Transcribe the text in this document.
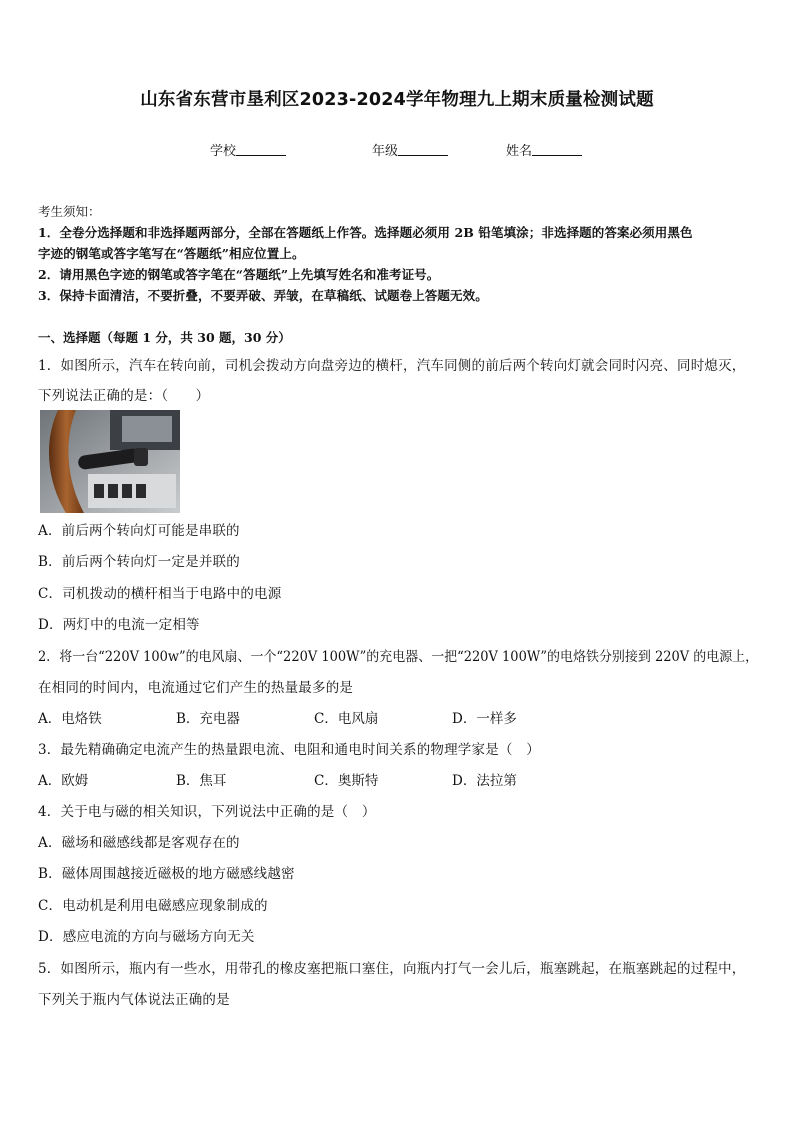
山东省东营市垦利区2023-2024学年物理九上期末质量检测试题
学校	年级	姓名
考生须知：
1．全卷分选择题和非选择题两部分，全部在答题纸上作答。选择题必须用 2B 铅笔填涂；非选择题的答案必须用黑色
字迹的钢笔或答字笔写在“答题纸”相应位置上。
2．请用黑色字迹的钢笔或答字笔在“答题纸”上先填写姓名和准考证号。
3．保持卡面清洁，不要折叠，不要弄破、弄皱，在草稿纸、试题卷上答题无效。
一、选择题（每题 1 分，共 30 题，30 分）
1．如图所示，汽车在转向前，司机会拨动方向盘旁边的横杆，汽车同侧的前后两个转向灯就会同时闪亮、同时熄灭，
下列说法正确的是：（　　）
A．前后两个转向灯可能是串联的
B．前后两个转向灯一定是并联的
C．司机拨动的横杆相当于电路中的电源
D．两灯中的电流一定相等
2．将一台“220V 100w”的电风扇、一个“220V 100W”的充电器、一把“220V 100W”的电烙铁分别接到 220V 的电源上，
在相同的时间内，电流通过它们产生的热量最多的是
A．电烙铁	B．充电器	C．电风扇	D．一样多
3．最先精确确定电流产生的热量跟电流、电阻和通电时间关系的物理学家是（　）
A．欧姆	B．焦耳	C．奥斯特	D．法拉第
4．关于电与磁的相关知识，下列说法中正确的是（　）
A．磁场和磁感线都是客观存在的
B．磁体周围越接近磁极的地方磁感线越密
C．电动机是利用电磁感应现象制成的
D．感应电流的方向与磁场方向无关
5．如图所示，瓶内有一些水，用带孔的橡皮塞把瓶口塞住，向瓶内打气一会儿后，瓶塞跳起，在瓶塞跳起的过程中，
下列关于瓶内气体说法正确的是
